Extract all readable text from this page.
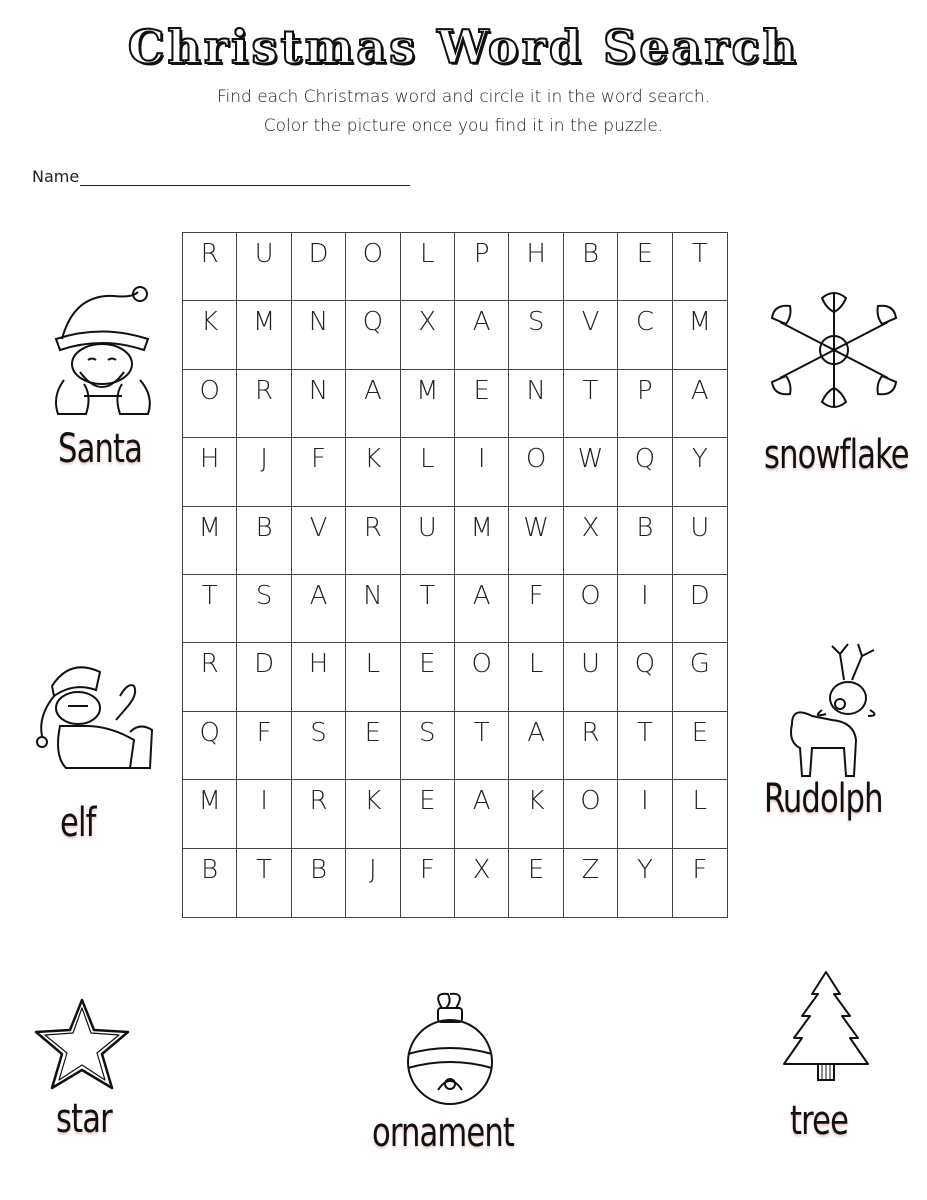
Christmas Word Search
Find each Christmas word and circle it in the word search.
Color the picture once you find it in the puzzle.
Name
R	U	D	O	L	P	H	B	E	T
K	M	N	Q	X	A	S	V	C	M
O	R	N	A	M	E	N	T	P	A
H	J	F	K	L	I	O	W	Q	Y
M	B	V	R	U	M	W	X	B	U
T	S	A	N	T	A	F	O	I	D
R	D	H	L	E	O	L	U	Q	G
Q	F	S	E	S	T	A	R	T	E
M	I	R	K	E	A	K	O	I	L
B	T	B	J	F	X	E	Z	Y	F
Santa	snowflake
elf
Rudolph
star	ornament	tree
